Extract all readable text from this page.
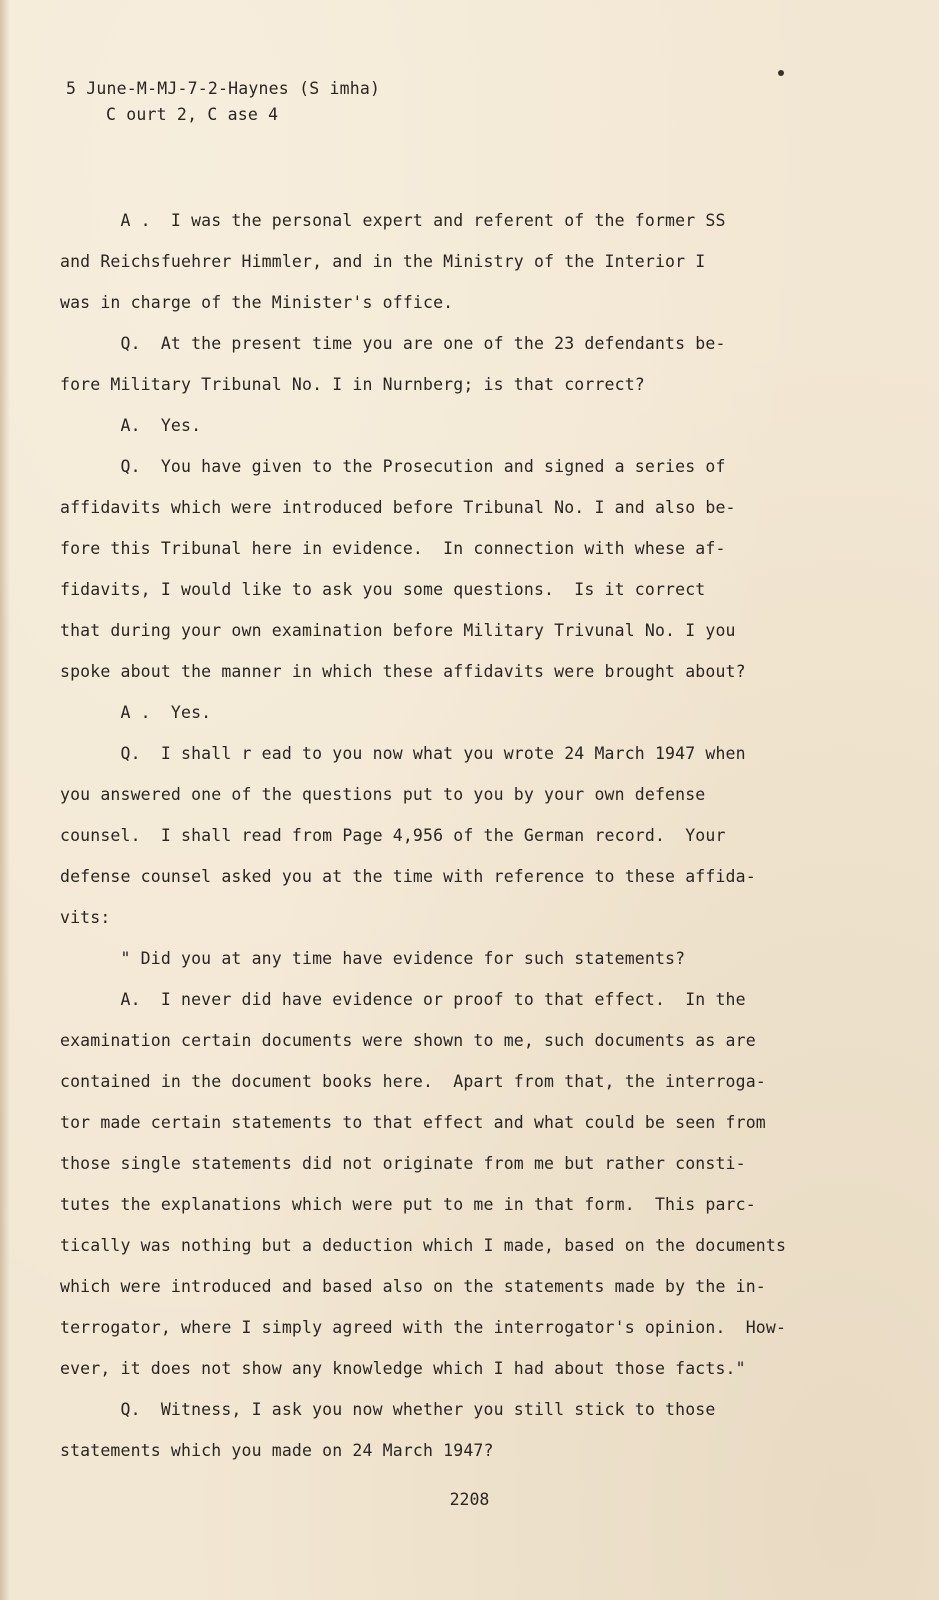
5 June-M-MJ-7-2-Haynes (S imha)
C ourt 2, C ase 4
A .  I was the personal expert and referent of the former SS
and Reichsfuehrer Himmler, and in the Ministry of the Interior I
was in charge of the Minister's office.
Q.  At the present time you are one of the 23 defendants be-
fore Military Tribunal No. I in Nurnberg; is that correct?
A.  Yes.
Q.  You have given to the Prosecution and signed a series of
affidavits which were introduced before Tribunal No. I and also be-
fore this Tribunal here in evidence.  In connection with whese af-
fidavits, I would like to ask you some questions.  Is it correct
that during your own examination before Military Trivunal No. I you
spoke about the manner in which these affidavits were brought about?
A .  Yes.
Q.  I shall r ead to you now what you wrote 24 March 1947 when
you answered one of the questions put to you by your own defense
counsel.  I shall read from Page 4,956 of the German record.  Your
defense counsel asked you at the time with reference to these affida-
vits:
" Did you at any time have evidence for such statements?
A.  I never did have evidence or proof to that effect.  In the
examination certain documents were shown to me, such documents as are
contained in the document books here.  Apart from that, the interroga-
tor made certain statements to that effect and what could be seen from
those single statements did not originate from me but rather consti-
tutes the explanations which were put to me in that form.  This parc-
tically was nothing but a deduction which I made, based on the documents
which were introduced and based also on the statements made by the in-
terrogator, where I simply agreed with the interrogator's opinion.  How-
ever, it does not show any knowledge which I had about those facts."
Q.  Witness, I ask you now whether you still stick to those
statements which you made on 24 March 1947?
2208
